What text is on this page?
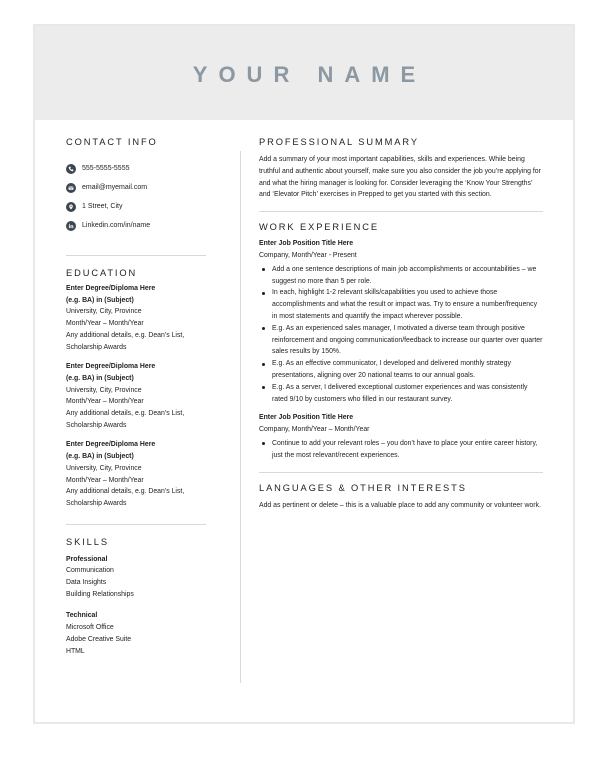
YOUR NAME
CONTACT INFO
555-5555-5555
email@myemail.com
1 Street, City
Linkedin.com/in/name
EDUCATION
Enter Degree/Diploma Here
(e.g. BA) in (Subject)
University, City, Province
Month/Year – Month/Year
Any additional details, e.g. Dean’s List,
Scholarship Awards
Enter Degree/Diploma Here
(e.g. BA) in (Subject)
University, City, Province
Month/Year – Month/Year
Any additional details, e.g. Dean’s List,
Scholarship Awards
Enter Degree/Diploma Here
(e.g. BA) in (Subject)
University, City, Province
Month/Year – Month/Year
Any additional details, e.g. Dean’s List,
Scholarship Awards
SKILLS
Professional
Communication
Data Insights
Building Relationships
Technical
Microsoft Office
Adobe Creative Suite
HTML
PROFESSIONAL SUMMARY
Add a summary of your most important capabilities, skills and experiences. While being truthful and authentic about yourself, make sure you also consider the job you’re applying for and what the hiring manager is looking for. Consider leveraging the ‘Know Your Strengths’ and ‘Elevator Pitch’ exercises in Prepped to get you started with this section.
WORK EXPERIENCE
Enter Job Position Title Here
Company, Month/Year - Present
Add a one sentence descriptions of main job accomplishments or accountabilities – we suggest no more than 5 per role.
In each, highlight 1-2 relevant skills/capabilities you used to achieve those accomplishments and what the result or impact was. Try to ensure a number/frequency in most statements and quantify the impact wherever possible.
E.g. As an experienced sales manager, I motivated a diverse team through positive reinforcement and ongoing communication/feedback to increase our quarter over quarter sales results by 150%.
E.g. As an effective communicator, I developed and delivered monthly strategy presentations, aligning over 20 national teams to our annual goals.
E.g. As a server, I delivered exceptional customer experiences and was consistently rated 9/10 by customers who filled in our restaurant survey.
Enter Job Position Title Here
Company, Month/Year – Month/Year
Continue to add your relevant roles – you don’t have to place your entire career history, just the most relevant/recent experiences.
LANGUAGES & OTHER INTERESTS
Add as pertinent or delete – this is a valuable place to add any community or volunteer work.
